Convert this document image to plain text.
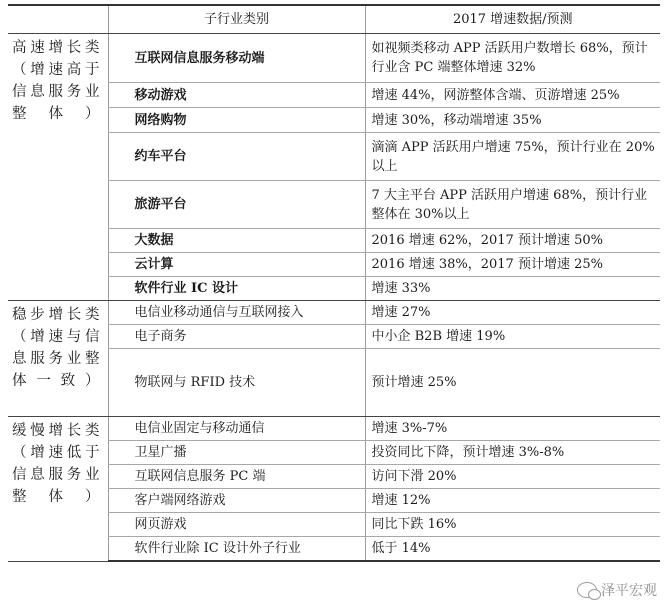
	子行业类别	2017 增速数据/预测
高速增长类（增速高于信息服务业整体）	互联网信息服务移动端	如视频类移动 APP 活跃用户数增长 68%，预计行业含 PC 端整体增速 32%
	移动游戏	增速 44%，网游整体含端、页游增速 25%
	网络购物	增速 30%，移动端增速 35%
	约车平台	滴滴 APP 活跃用户增速 75%，预计行业在 20%以上
	旅游平台	7 大主平台 APP 活跃用户增速 68%，预计行业整体在 30%以上
	大数据	2016 增速 62%，2017 预计增速 50%
	云计算	2016 增速 38%，2017 预计增速 25%
	软件行业 IC 设计	增速 33%
稳步增长类（增速与信息服务业整体一致）	电信业移动通信与互联网接入	增速 27%
	电子商务	中小企 B2B 增速 19%
	物联网与 RFID 技术	预计增速 25%
缓慢增长类（增速低于信息服务业整体）	电信业固定与移动通信	增速 3%-7%
	卫星广播	投资同比下降，预计增速 3%-8%
	互联网信息服务 PC 端	访问下滑 20%
	客户端网络游戏	增速 12%
	网页游戏	同比下跌 16%
	软件行业除 IC 设计外子行业	低于 14%
泽平宏观
